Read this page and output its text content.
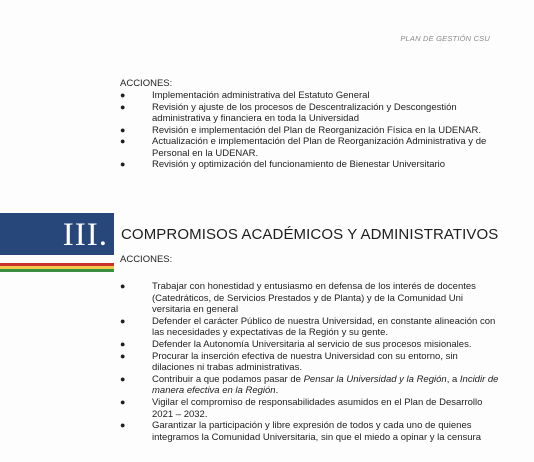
PLAN DE GESTIÓN CSU
ACCIONES:
●	Implementación administrativa del Estatuto General
●	Revisión y ajuste de los procesos de Descentralización y Descongestión administrativa y financiera en toda la Universidad
●	Revisión e implementación del Plan de Reorganización Física en la UDENAR.
●	Actualización e implementación del Plan de Reorganización Administrativa y de Personal en la UDENAR.
●	Revisión y optimización del funcionamiento de Bienestar Universitario
III. COMPROMISOS ACADÉMICOS Y ADMINISTRATIVOS
ACCIONES:
●	Trabajar con honestidad y entusiasmo en defensa de los interés de docentes (Catedráticos, de Servicios Prestados y de Planta) y de la Comunidad Uni versitaria en general
●	Defender el carácter Público de nuestra Universidad, en constante alineación con las necesidades y expectativas de la Región y su gente.
●	Defender la Autonomía Universitaria al servicio de sus procesos misionales.
●	Procurar la inserción efectiva de nuestra Universidad con su entorno, sin dilaciones ni trabas administrativas.
●	Contribuir a que podamos pasar de Pensar la Universidad y la Región, a Incidir de manera efectiva en la Región.
●	Vigilar el compromiso de responsabilidades asumidos en el Plan de Desarrollo 2021 – 2032.
●	Garantizar la participación y libre expresión de todos y cada uno de quienes integramos la Comunidad Universitaria, sin que el miedo a opinar y la censura
